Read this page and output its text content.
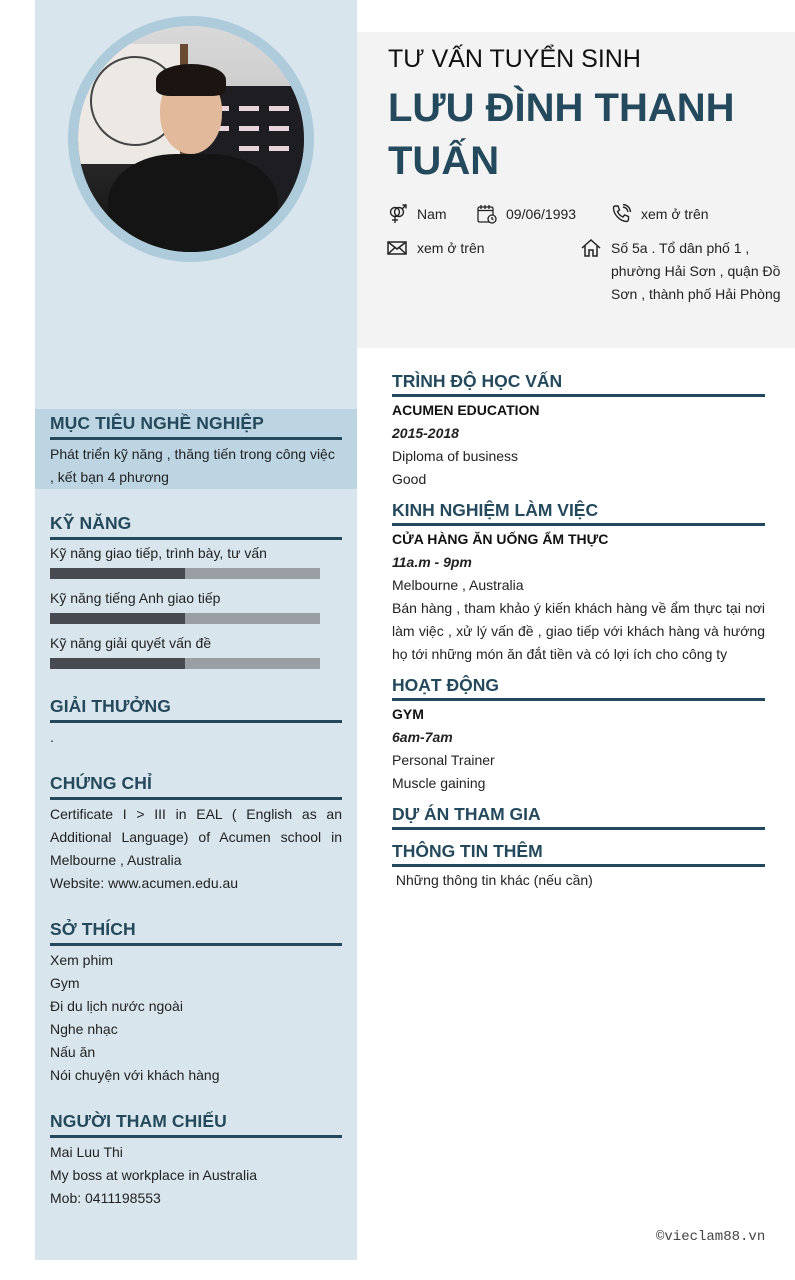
MỤC TIÊU NGHỀ NGHIỆP
Phát triển kỹ năng , thăng tiến trong công việc , kết bạn 4 phương
KỸ NĂNG
Kỹ năng giao tiếp, trình bày, tư vấn
Kỹ năng tiếng Anh giao tiếp
Kỹ năng giải quyết vấn đề
GIẢI THƯỞNG
.
CHỨNG CHỈ
Certificate I > III in EAL ( English as an Additional Language) of Acumen school in Melbourne , Australia
Website: www.acumen.edu.au
SỞ THÍCH
Xem phim
Gym
Đi du lịch nước ngoài
Nghe nhạc
Nấu ăn
Nói chuyện với khách hàng
NGƯỜI THAM CHIẾU
Mai Luu Thi
My boss at workplace in Australia
Mob: 0411198553
TƯ VẤN TUYỂN SINH
LƯU ĐÌNH THANH TUẤN
Nam	09/06/1993	xem ở trên
xem ở trên	Số 5a . Tổ dân phố 1 , phường Hải Sơn , quận Đồ Sơn , thành phố Hải Phòng
TRÌNH ĐỘ HỌC VẤN
ACUMEN EDUCATION
2015-2018
Diploma of business
Good
KINH NGHIỆM LÀM VIỆC
CỬA HÀNG ĂN UỐNG ẨM THỰC
11a.m - 9pm
Melbourne , Australia
Bán hàng , tham khảo ý kiến khách hàng về ẩm thực tại nơi làm việc , xử lý vấn đề , giao tiếp với khách hàng và hướng họ tới những món ăn đắt tiền và có lợi ích cho công ty
HOẠT ĐỘNG
GYM
6am-7am
Personal Trainer
Muscle gaining
DỰ ÁN THAM GIA
THÔNG TIN THÊM
Những thông tin khác (nếu cần)
©vieclam88.vn
